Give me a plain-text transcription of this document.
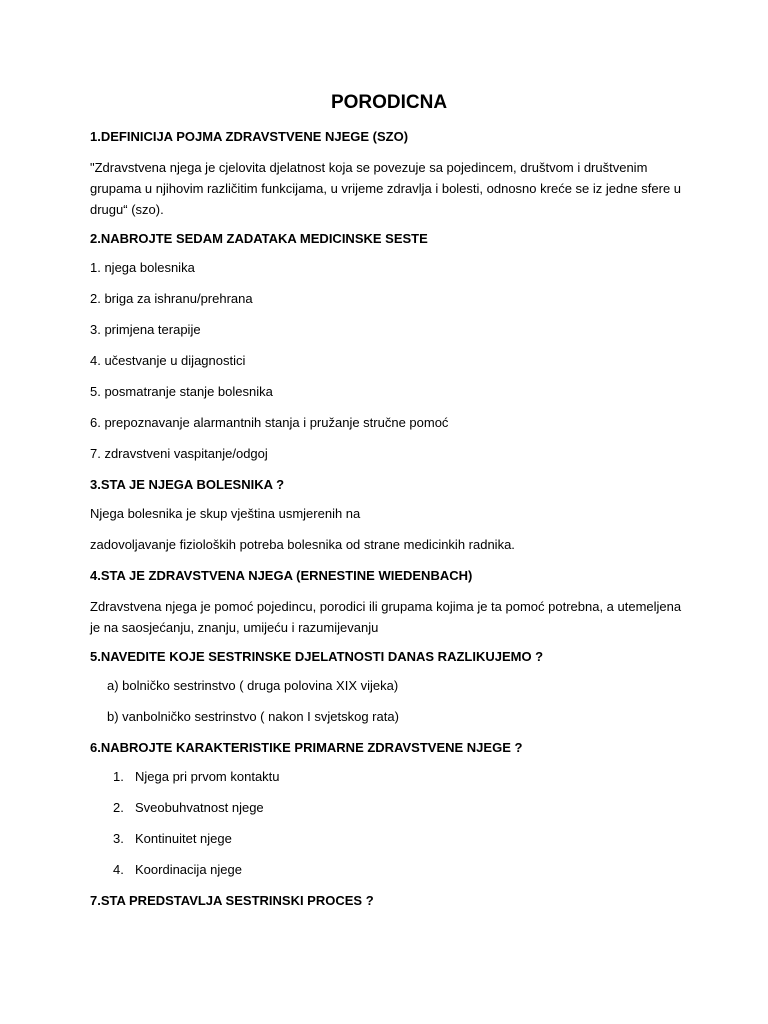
PORODICNA
1.DEFINICIJA POJMA ZDRAVSTVENE NJEGE (SZO)
"Zdravstvena njega je cjelovita djelatnost koja se povezuje sa pojedincem, društvom i društvenim grupama u njihovim različitim funkcijama, u vrijeme zdravlja i bolesti, odnosno kreće se iz jedne sfere u drugu“ (szo).
2.NABROJTE SEDAM ZADATAKA MEDICINSKE SESTE
1. njega bolesnika
2. briga za ishranu/prehrana
3. primjena terapije
4. učestvanje u dijagnostici
5. posmatranje stanje bolesnika
6. prepoznavanje alarmantnih stanja i pružanje stručne pomoć
7. zdravstveni vaspitanje/odgoj
3.STA JE NJEGA BOLESNIKA ?
Njega bolesnika je skup vještina usmjerenih na
zadovoljavanje fizioloških potreba bolesnika od strane medicinkih radnika.
4.STA JE ZDRAVSTVENA NJEGA (ERNESTINE WIEDENBACH)
Zdravstvena njega je pomoć pojedincu, porodici ili grupama kojima je ta pomoć potrebna, a utemeljena je na saosjećanju, znanju, umijeću i razumijevanju
5.NAVEDITE KOJE SESTRINSKE DJELATNOSTI DANAS RAZLIKUJEMO ?
a) bolničko sestrinstvo ( druga polovina XIX vijeka)
b) vanbolničko sestrinstvo ( nakon I svjetskog rata)
6.NABROJTE KARAKTERISTIKE PRIMARNE ZDRAVSTVENE NJEGE ?
1. Njega pri prvom kontaktu
2. Sveobuhvatnost njege
3. Kontinuitet njege
4. Koordinacija njege
7.STA PREDSTAVLJA SESTRINSKI PROCES ?
